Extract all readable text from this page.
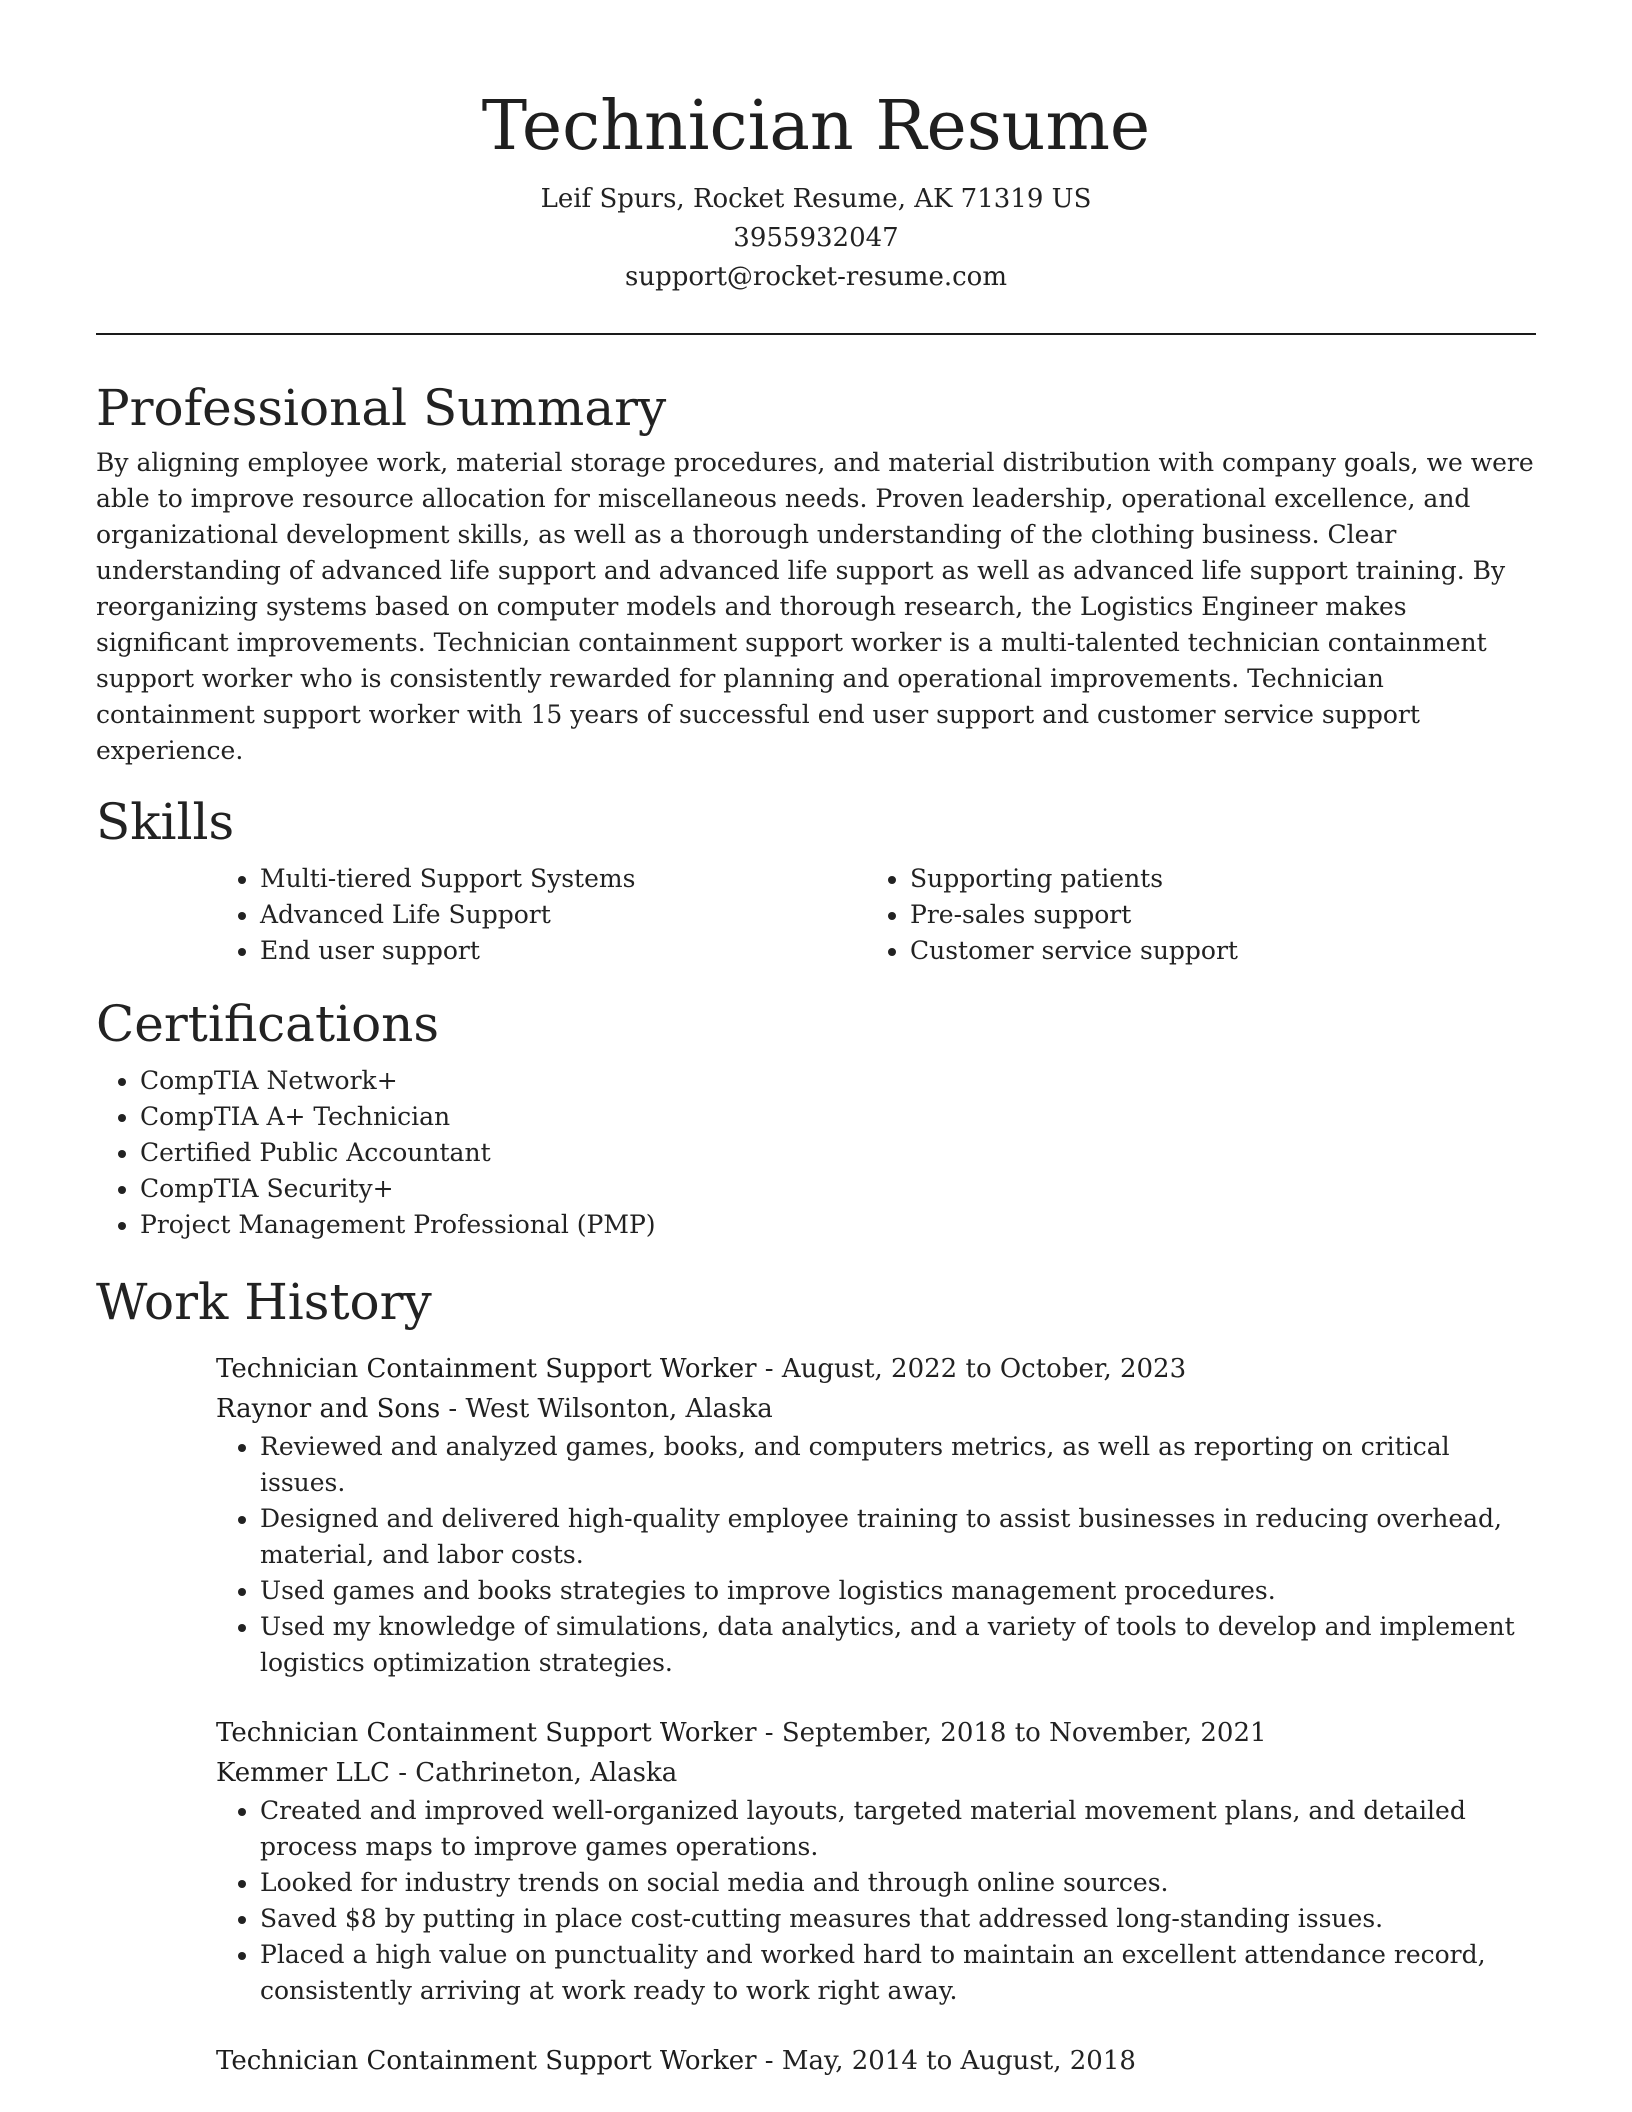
Technician Resume
Leif Spurs, Rocket Resume, AK 71319 US
3955932047
support@rocket-resume.com
Professional Summary

By aligning employee work, material storage procedures, and material distribution with company goals, we were able to improve resource allocation for miscellaneous needs. Proven leadership, operational excellence, and organizational development skills, as well as a thorough understanding of the clothing business. Clear understanding of advanced life support and advanced life support as well as advanced life support training. By reorganizing systems based on computer models and thorough research, the Logistics Engineer makes significant improvements. Technician containment support worker is a multi-talented technician containment support worker who is consistently rewarded for planning and operational improvements. Technician containment support worker with 15 years of successful end user support and customer service support experience.

Skills
• Multi-tiered Support Systems
• Advanced Life Support
• End user support
• Supporting patients
• Pre-sales support
• Customer service support
Certifications
• CompTIA Network+
• CompTIA A+ Technician
• Certified Public Accountant
• CompTIA Security+
• Project Management Professional (PMP)
Work History
Technician Containment Support Worker - August, 2022 to October, 2023
Raynor and Sons - West Wilsonton, Alaska
• Reviewed and analyzed games, books, and computers metrics, as well as reporting on critical issues.
• Designed and delivered high-quality employee training to assist businesses in reducing overhead, material, and labor costs.
• Used games and books strategies to improve logistics management procedures.
• Used my knowledge of simulations, data analytics, and a variety of tools to develop and implement logistics optimization strategies.
Technician Containment Support Worker - September, 2018 to November, 2021
Kemmer LLC - Cathrineton, Alaska
• Created and improved well-organized layouts, targeted material movement plans, and detailed process maps to improve games operations.
• Looked for industry trends on social media and through online sources.
• Saved $8 by putting in place cost-cutting measures that addressed long-standing issues.
• Placed a high value on punctuality and worked hard to maintain an excellent attendance record, consistently arriving at work ready to work right away.
Technician Containment Support Worker - May, 2014 to August, 2018
